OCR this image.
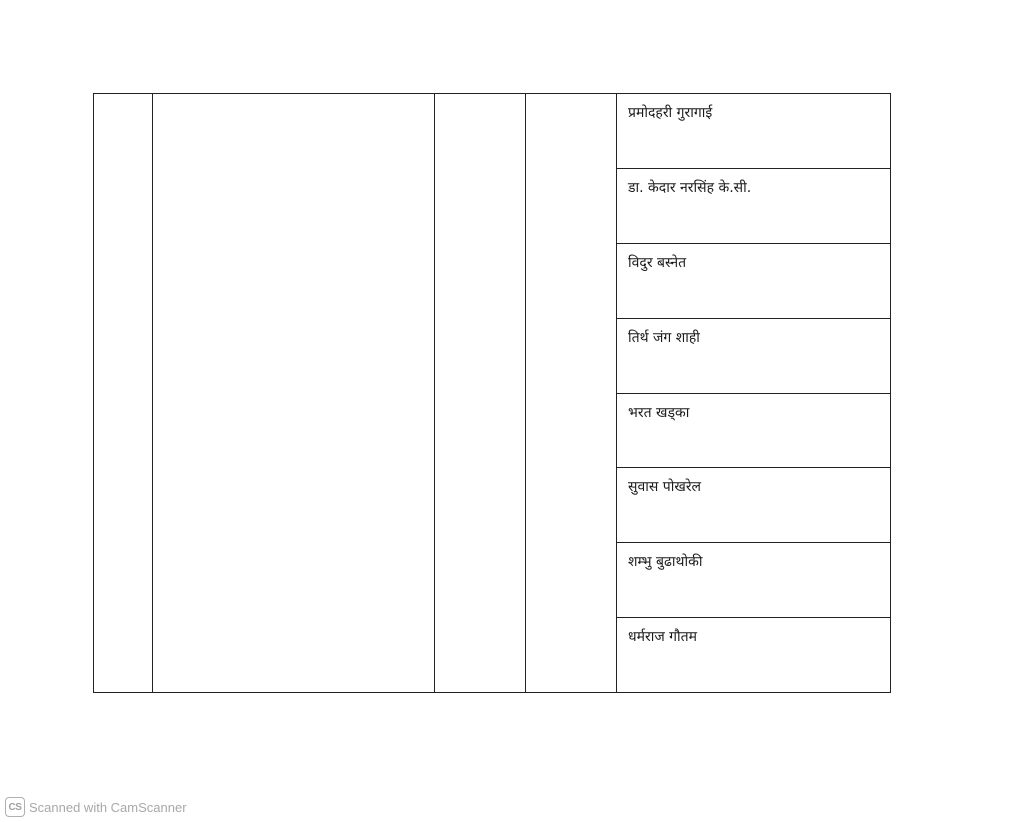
प्रमोदहरी गुरागाई

डा. केदार नरसिंह के.सी.

विदुर बस्नेत

तिर्थ जंग शाही

भरत खड्का

सुवास पोखरेल

शम्भु बुढाथोकी

धर्मराज गौतम
CS Scanned with CamScanner
